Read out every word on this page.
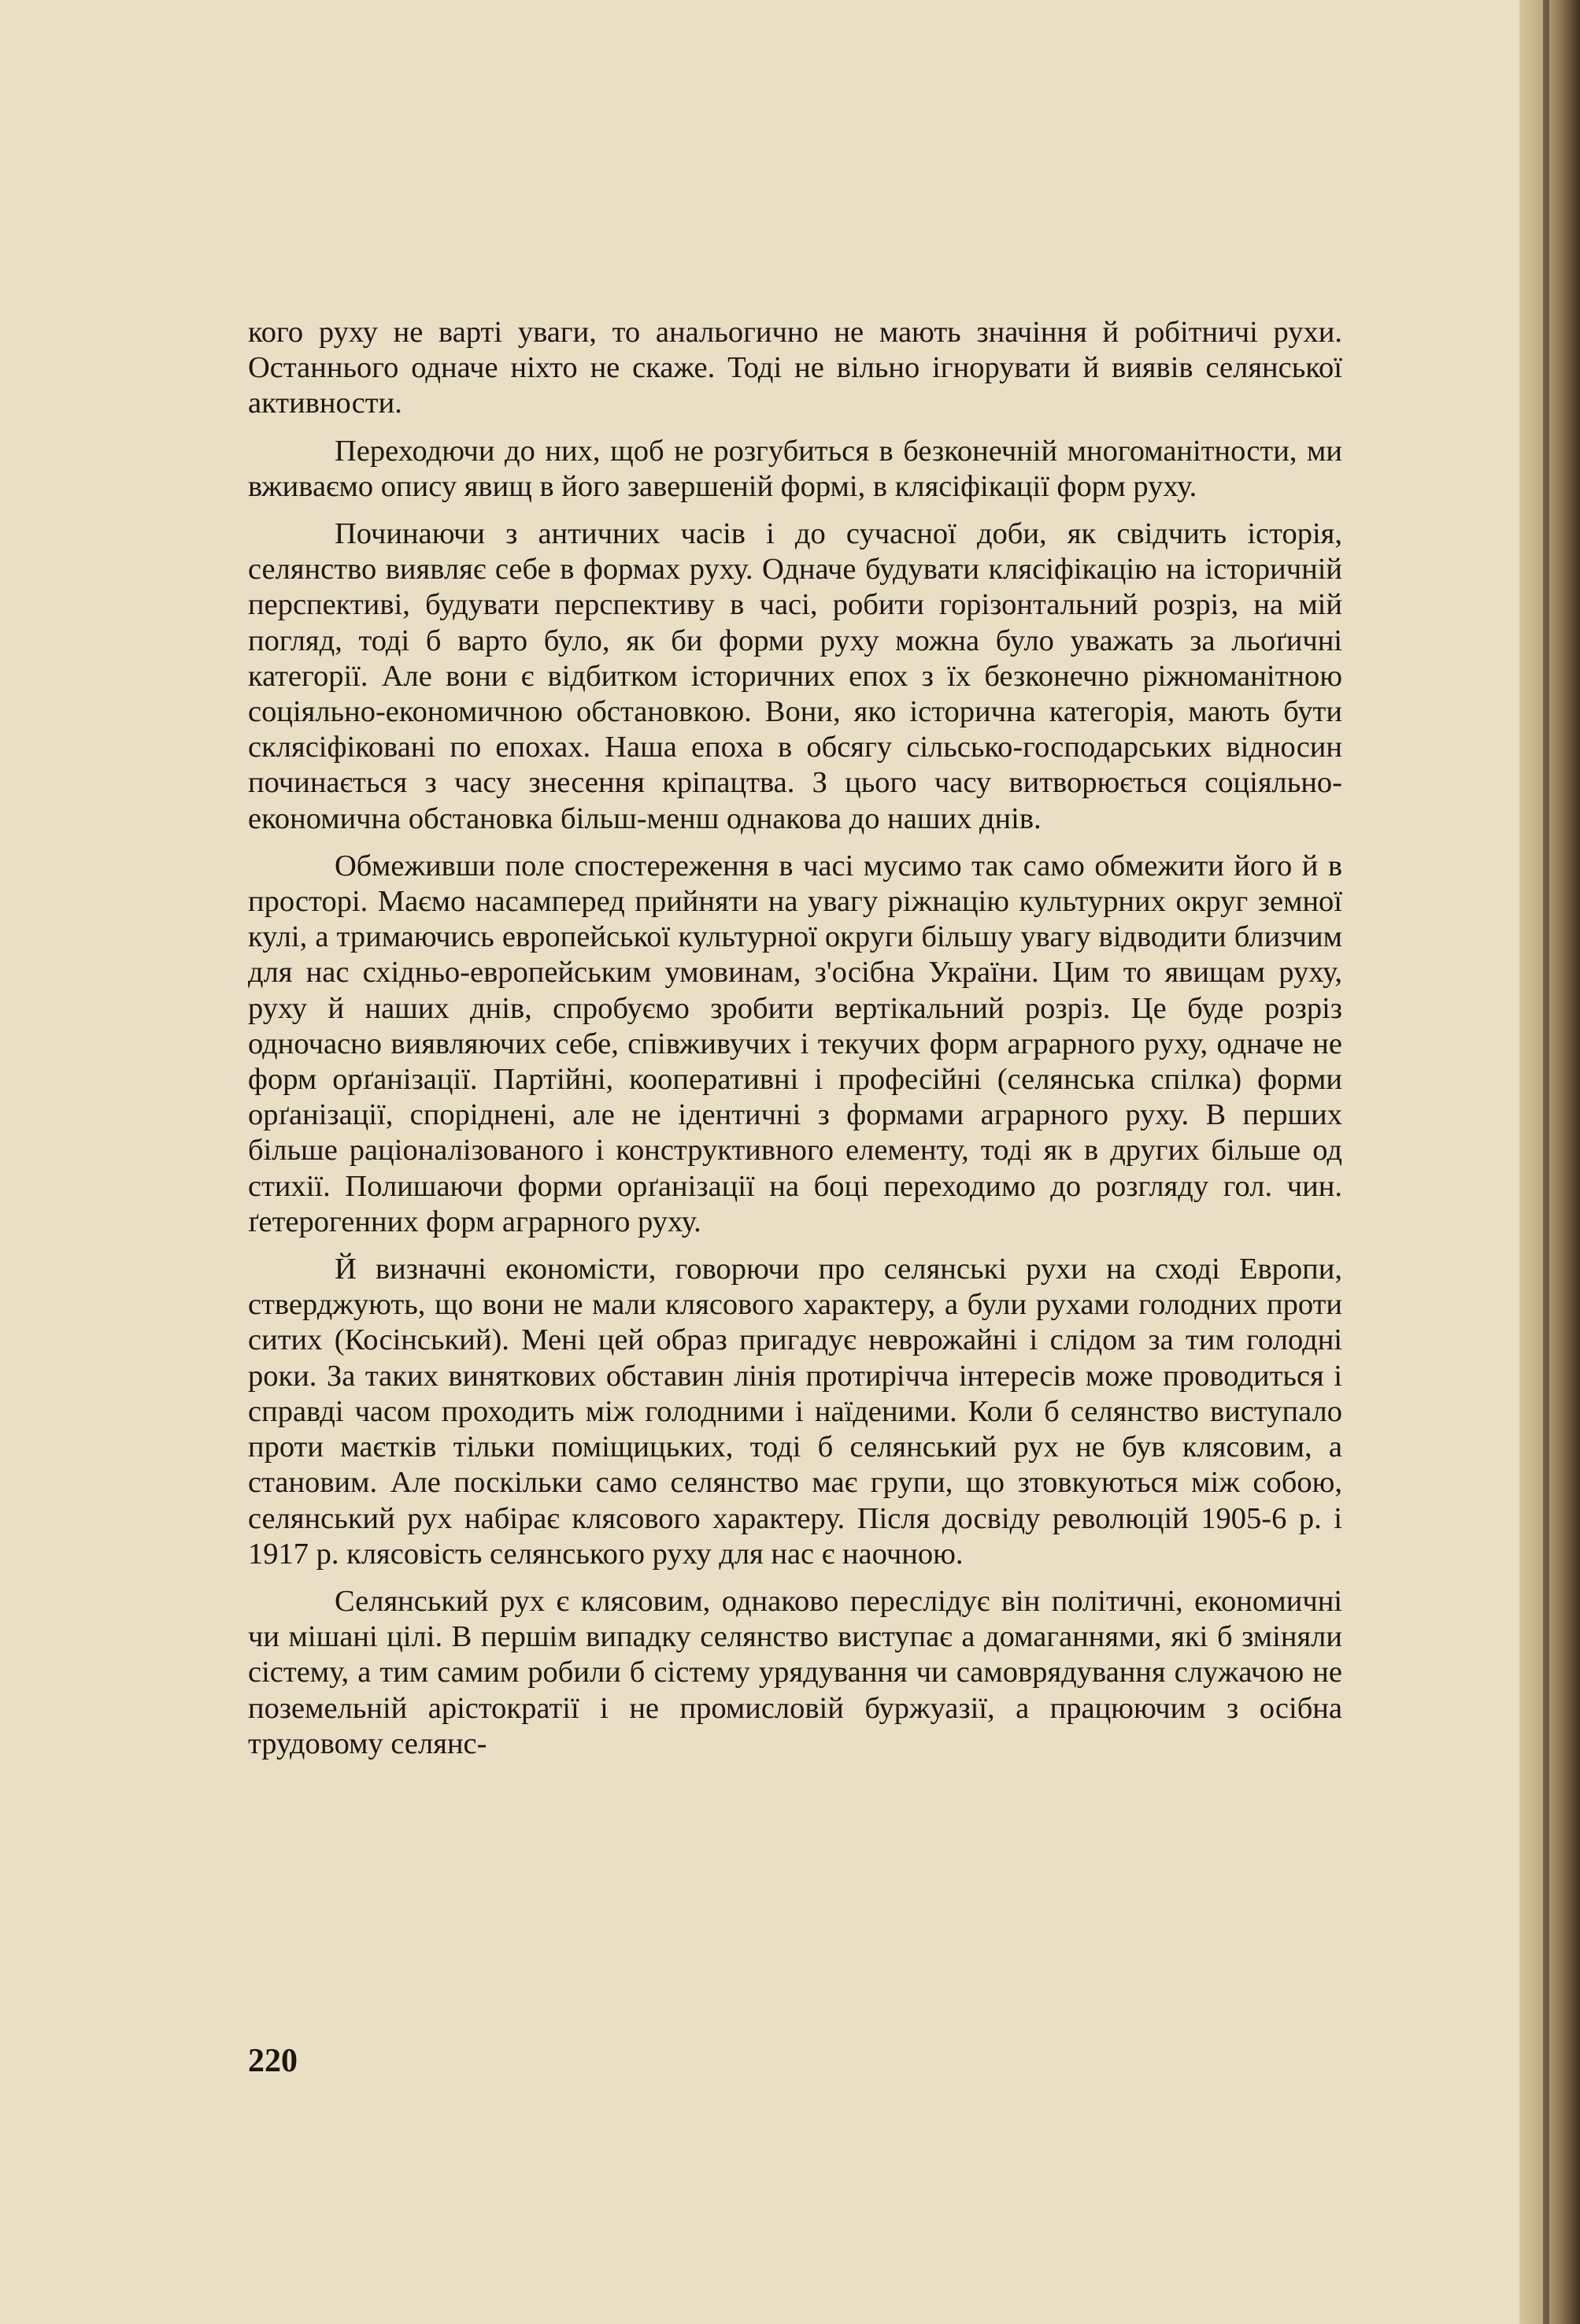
кого руху не варті уваги, то анальогично не мають значіння й робітничі рухи. Останнього одначе ніхто не скаже. Тоді не вільно ігнорувати й виявів селянської активности.

Переходючи до них, щоб не розгубиться в безконечній многоманітности, ми вживаємо опису явищ в його завершеній формі, в клясіфікації форм руху.

Починаючи з античних часів і до сучасної доби, як свідчить історія, селянство виявляє себе в формах руху. Одначе будувати клясіфікацію на історичній перспективі, будувати перспективу в часі, робити горізонтальний розріз, на мій погляд, тоді б варто було, як би форми руху можна було уважать за льоґичні категорії. Але вони є відбитком історичних епох з їх безконечно ріжноманітною соціяльно-економичною обстановкою. Вони, яко історична категорія, мають бути склясіфіковані по епохах. Наша епоха в обсягу сільсько-господарських відносин починається з часу знесення кріпацтва. З цього часу витворюється соціяльно- економична обстановка більш-менш однакова до наших днів.

Обмеживши поле спостереження в часі мусимо так само обмежити його й в просторі. Маємо насамперед прийняти на увагу ріжнацію культурних округ земної кулі, а тримаючись европейської культурної округи більшу увагу відводити близчим для нас східньо-европейським умовинам, з'осібна України. Цим то явищам руху, руху й наших днів, спробуємо зробити вертікальний розріз. Це буде розріз одночасно виявляючих себе, співживучих і текучих форм аграрного руху, одначе не форм орґанізації. Партійні, кооперативні і професійні (селянська спілка) форми орґанізації, споріднені, але не ідентичні з формами аграрного руху. В перших більше раціоналізованого і конструктивного елементу, тоді як в других більше од стихії. Полишаючи форми орґанізації на боці переходимо до розгляду гол. чин. ґетерогенних форм аграрного руху.

Й визначні економісти, говорючи про селянські рухи на сході Европи, стверджують, що вони не мали клясового характеру, а були рухами голодних проти ситих (Косінський). Мені цей образ пригадує неврожайні і слідом за тим голодні роки. За таких виняткових обставин лінія протирічча інтересів може проводиться і справді часом проходить між голодними і наїденими. Коли б селянство виступало проти маєтків тільки поміщицьких, тоді б селянський рух не був клясовим, а становим. Але поскільки само селянство має групи, що зтовкуються між собою, селянський рух набірає клясового характеру. Після досвіду революцій 1905-6 р. і 1917 р. клясовість селянського руху для нас є наочною.

Селянський рух є клясовим, однаково переслідує він політичні, економичні чи мішані цілі. В першім випадку селянство виступає а домаганнями, які б зміняли сістему, а тим самим робили б сістему урядування чи самоврядування служачою не поземельній арістократії і не промисловій буржуазії, а працюючим з осібна трудовому селянс-

220
